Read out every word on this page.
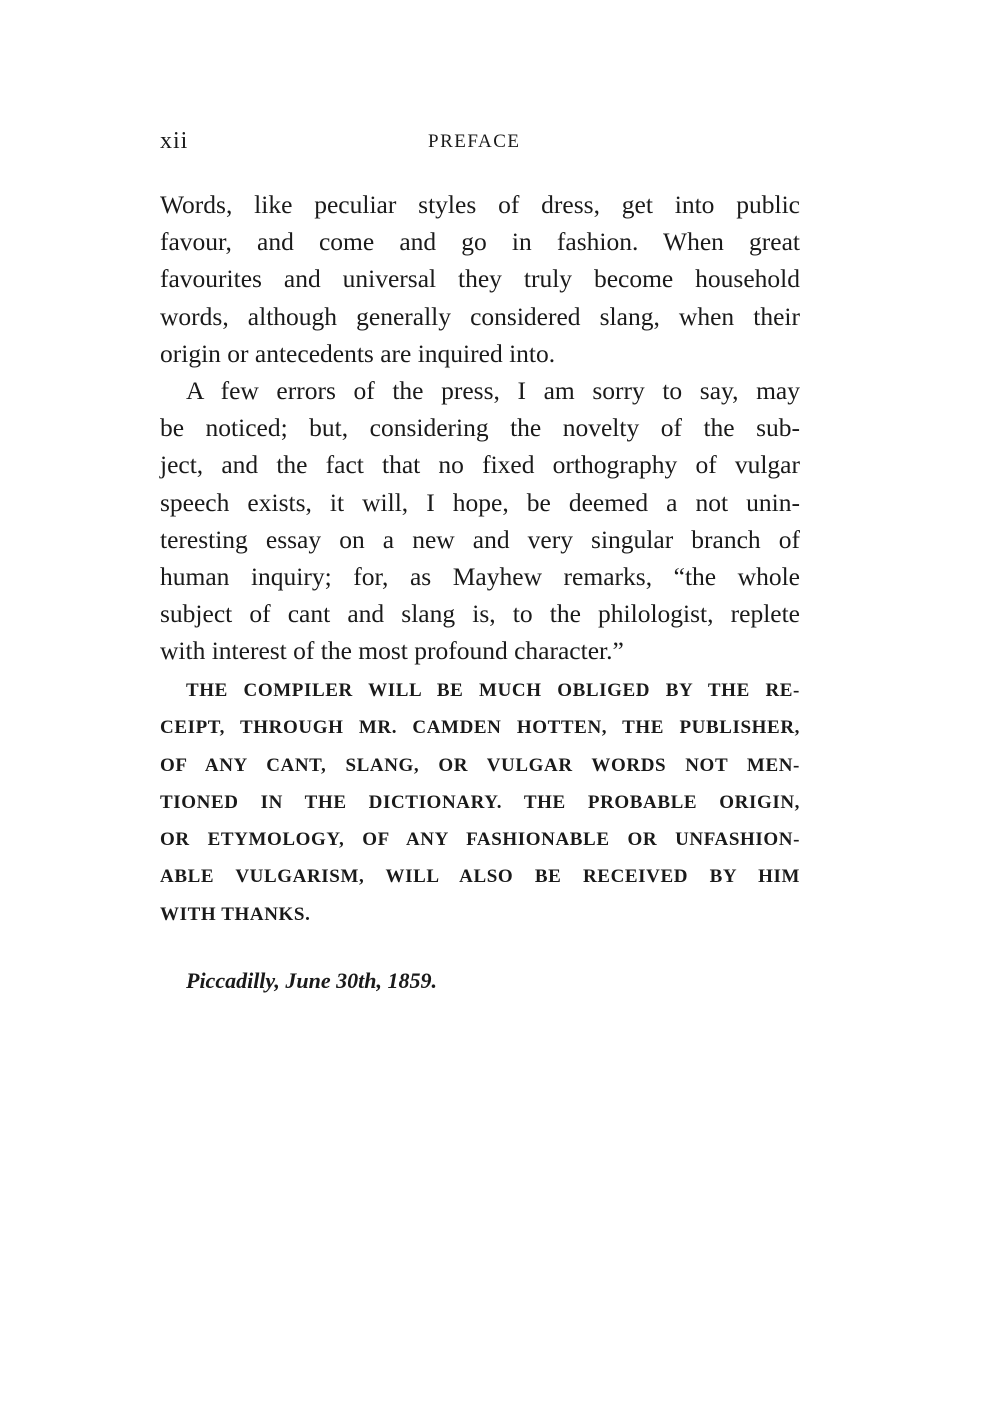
xii	PREFACE
Words, like peculiar styles of dress, get into public
favour, and come and go in fashion. When great
favourites and universal they truly become household
words, although generally considered slang, when their
origin or antecedents are inquired into.
A few errors of the press, I am sorry to say, may
be noticed; but, considering the novelty of the sub-
ject, and the fact that no fixed orthography of vulgar
speech exists, it will, I hope, be deemed a not unin-
teresting essay on a new and very singular branch of
human inquiry; for, as Mayhew remarks, “the whole
subject of cant and slang is, to the philologist, replete
with interest of the most profound character.”
THE COMPILER WILL BE MUCH OBLIGED BY THE RE-
CEIPT, THROUGH MR. CAMDEN HOTTEN, THE PUBLISHER,
OF ANY CANT, SLANG, OR VULGAR WORDS NOT MEN-
TIONED IN THE DICTIONARY. THE PROBABLE ORIGIN,
OR ETYMOLOGY, OF ANY FASHIONABLE OR UNFASHION-
ABLE VULGARISM, WILL ALSO BE RECEIVED BY HIM
WITH THANKS.
Piccadilly, June 30th, 1859.
